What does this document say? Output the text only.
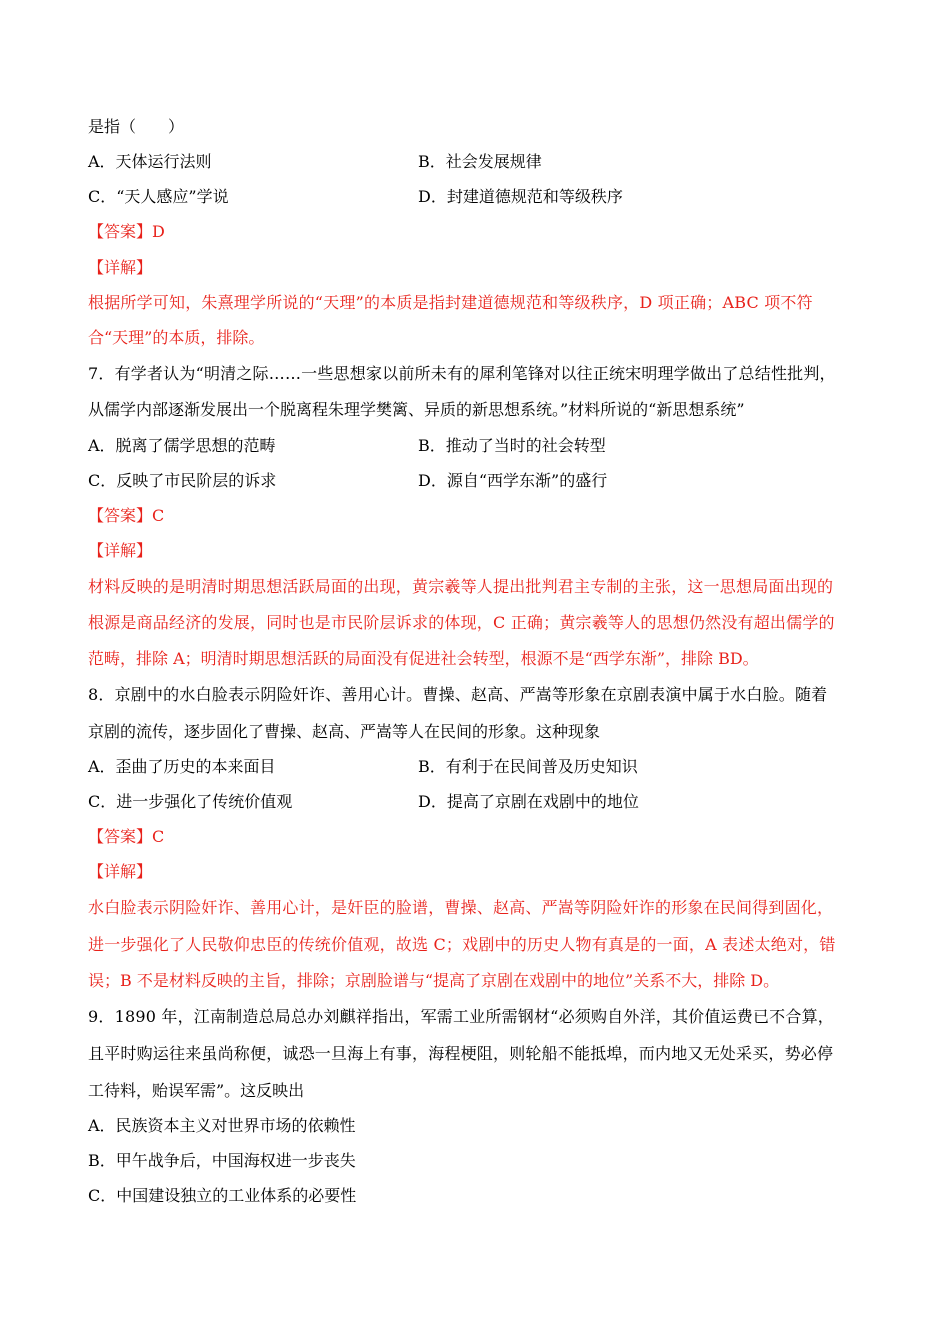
是指（　　）
A．天体运行法则	B．社会发展规律
C．“天人感应”学说	D．封建道德规范和等级秩序
【答案】D
【详解】
根据所学可知，朱熹理学所说的“天理”的本质是指封建道德规范和等级秩序，D 项正确；ABC 项不符
合“天理”的本质，排除。
7．有学者认为“明清之际……一些思想家以前所未有的犀利笔锋对以往正统宋明理学做出了总结性批判，
从儒学内部逐渐发展出一个脱离程朱理学樊篱、异质的新思想系统。”材料所说的“新思想系统”
A．脱离了儒学思想的范畴	B．推动了当时的社会转型
C．反映了市民阶层的诉求	D．源自“西学东渐”的盛行
【答案】C
【详解】
材料反映的是明清时期思想活跃局面的出现，黄宗羲等人提出批判君主专制的主张，这一思想局面出现的
根源是商品经济的发展，同时也是市民阶层诉求的体现，C 正确；黄宗羲等人的思想仍然没有超出儒学的
范畴，排除 A；明清时期思想活跃的局面没有促进社会转型，根源不是“西学东渐”，排除 BD。
8．京剧中的水白脸表示阴险奸诈、善用心计。曹操、赵高、严嵩等形象在京剧表演中属于水白脸。随着
京剧的流传，逐步固化了曹操、赵高、严嵩等人在民间的形象。这种现象
A．歪曲了历史的本来面目	B．有利于在民间普及历史知识
C．进一步强化了传统价值观	D．提高了京剧在戏剧中的地位
【答案】C
【详解】
水白脸表示阴险奸诈、善用心计，是奸臣的脸谱，曹操、赵高、严嵩等阴险奸诈的形象在民间得到固化，
进一步强化了人民敬仰忠臣的传统价值观，故选 C；戏剧中的历史人物有真是的一面，A 表述太绝对，错
误；B 不是材料反映的主旨，排除；京剧脸谱与“提高了京剧在戏剧中的地位”关系不大，排除 D。
9．1890 年，江南制造总局总办刘麒祥指出，军需工业所需钢材“必须购自外洋，其价值运费已不合算，
且平时购运往来虽尚称便，诚恐一旦海上有事，海程梗阻，则轮船不能抵埠，而内地又无处采买，势必停
工待料，贻误军需”。这反映出
A．民族资本主义对世界市场的依赖性
B．甲午战争后，中国海权进一步丧失
C．中国建设独立的工业体系的必要性
